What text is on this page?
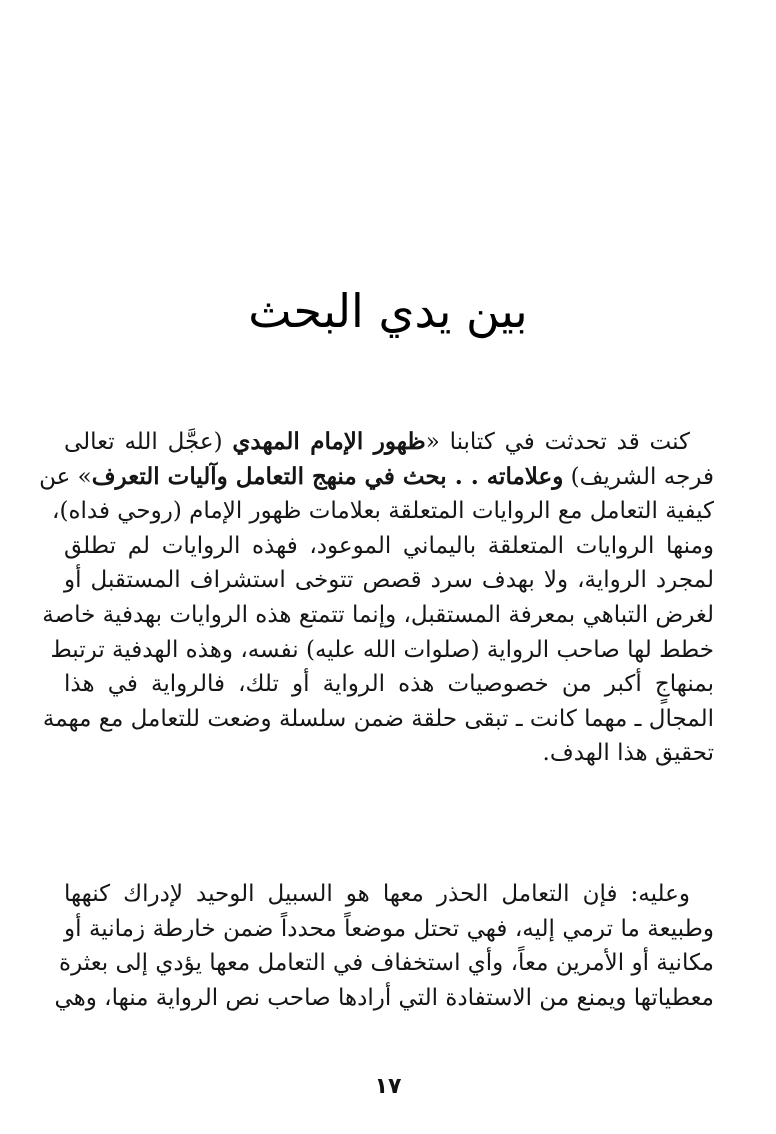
بين يدي البحث
كنت قد تحدثت في كتابنا «ظهور الإمام المهدي (عجَّل الله تعالى
فرجه الشريف) وعلاماته . . بحث في منهج التعامل وآليات التعرف» عن
كيفية التعامل مع الروايات المتعلقة بعلامات ظهور الإمام (روحي فداه)،
ومنها الروايات المتعلقة باليماني الموعود، فهذه الروايات لم تطلق
لمجرد الرواية، ولا بهدف سرد قصص تتوخى استشراف المستقبل أو
لغرض التباهي بمعرفة المستقبل، وإنما تتمتع هذه الروايات بهدفية خاصة
خطط لها صاحب الرواية (صلوات الله عليه) نفسه، وهذه الهدفية ترتبط
بمنهاجٍ أكبر من خصوصيات هذه الرواية أو تلك، فالرواية في هذا
المجال ـ مهما كانت ـ تبقى حلقة ضمن سلسلة وضعت للتعامل مع مهمة
تحقيق هذا الهدف.
وعليه: فإن التعامل الحذر معها هو السبيل الوحيد لإدراك كنهها
وطبيعة ما ترمي إليه، فهي تحتل موضعاً محدداً ضمن خارطة زمانية أو
مكانية أو الأمرين معاً، وأي استخفاف في التعامل معها يؤدي إلى بعثرة
معطياتها ويمنع من الاستفادة التي أرادها صاحب نص الرواية منها، وهي
١٧
